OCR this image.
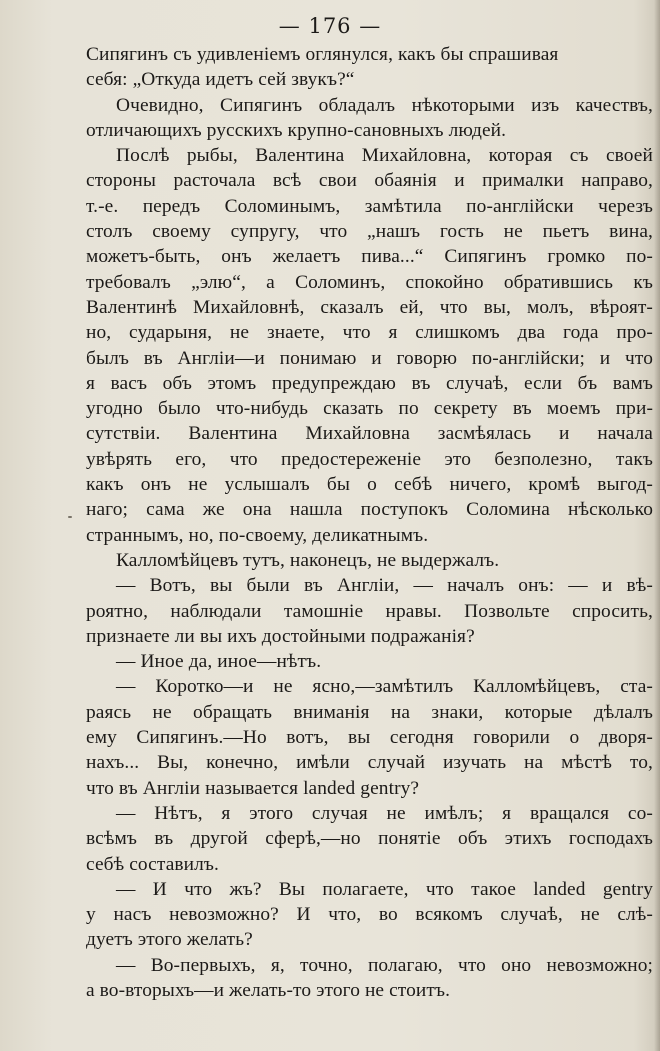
— 176 —
Сипягинъ съ удивленіемъ оглянулся, какъ бы спрашивая
себя: „Откуда идетъ сей звукъ?“
Очевидно, Сипягинъ обладалъ нѣкоторыми изъ качествъ,
отличающихъ русскихъ крупно-сановныхъ людей.
Послѣ рыбы, Валентина Михайловна, которая съ своей
стороны расточала всѣ свои обаянія и прималки направо,
т.-е. передъ Соломинымъ, замѣтила по-англійски черезъ
столъ своему супругу, что „нашъ гость не пьетъ вина,
можетъ-быть, онъ желаетъ пива...“ Сипягинъ громко по-
требовалъ „элю“, а Соломинъ, спокойно обратившись къ
Валентинѣ Михайловнѣ, сказалъ ей, что вы, молъ, вѣроят-
но, сударыня, не знаете, что я слишкомъ два года про-
былъ въ Англіи—и понимаю и говорю по-англійски; и что
я васъ объ этомъ предупреждаю въ случаѣ, если бъ вамъ
угодно было что-нибудь сказать по секрету въ моемъ при-
сутствіи. Валентина Михайловна засмѣялась и начала
увѣрять его, что предостереженіе это безполезно, такъ
какъ онъ не услышалъ бы о себѣ ничего, кромѣ выгод-
наго; сама же она нашла поступокъ Соломина нѣсколько
страннымъ, но, по-своему, деликатнымъ.
Калломѣйцевъ тутъ, наконецъ, не выдержалъ.
— Вотъ, вы были въ Англіи, — началъ онъ: — и вѣ-
роятно, наблюдали тамошніе нравы. Позвольте спросить,
признаете ли вы ихъ достойными подражанія?
— Иное да, иное—нѣтъ.
— Коротко—и не ясно,—замѣтилъ Калломѣйцевъ, ста-
раясь не обращать вниманія на знаки, которые дѣлалъ
ему Сипягинъ.—Но вотъ, вы сегодня говорили о дворя-
нахъ... Вы, конечно, имѣли случай изучать на мѣстѣ то,
что въ Англіи называется landed gentry?
— Нѣтъ, я этого случая не имѣлъ; я вращался со-
всѣмъ въ другой сферѣ,—но понятіе объ этихъ господахъ
себѣ составилъ.
— И что жъ? Вы полагаете, что такое landed gentry
у насъ невозможно? И что, во всякомъ случаѣ, не слѣ-
дуетъ этого желать?
— Во-первыхъ, я, точно, полагаю, что оно невозможно;
а во-вторыхъ—и желать-то этого не стоитъ.
